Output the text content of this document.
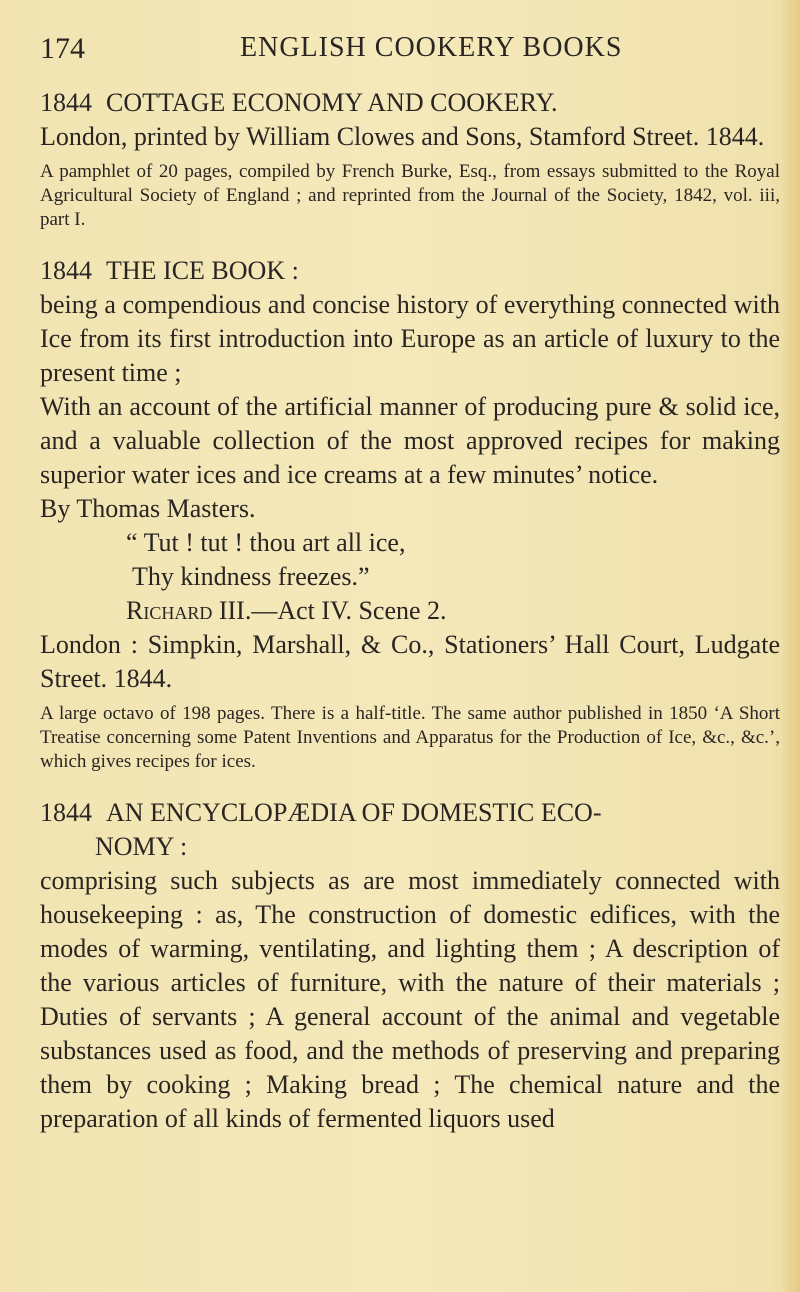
174	ENGLISH COOKERY BOOKS
1844 COTTAGE ECONOMY AND COOKERY.
London, printed by William Clowes and Sons, Stamford Street. 1844.
A pamphlet of 20 pages, compiled by French Burke, Esq., from essays submitted to the Royal Agricultural Society of England ; and reprinted from the Journal of the Society, 1842, vol. iii, part I.
1844 THE ICE BOOK :
being a compendious and concise history of everything connected with Ice from its first introduction into Europe as an article of luxury to the present time ;
With an account of the artificial manner of producing pure & solid ice, and a valuable collection of the most approved recipes for making superior water ices and ice creams at a few minutes’ notice.
By Thomas Masters.
“ Tut ! tut ! thou art all ice,
Thy kindness freezes.”
Richard III.—Act IV. Scene 2.
London : Simpkin, Marshall, & Co., Stationers’ Hall Court, Ludgate Street. 1844.
A large octavo of 198 pages. There is a half-title. The same author published in 1850 ‘A Short Treatise concerning some Patent Inventions and Apparatus for the Production of Ice, &c., &c.’, which gives recipes for ices.
1844 AN ENCYCLOPÆDIA OF DOMESTIC ECO-
NOMY :
comprising such subjects as are most immediately connected with housekeeping : as, The construction of domestic edifices, with the modes of warming, ventilating, and lighting them ; A description of the various articles of furniture, with the nature of their materials ; Duties of servants ; A general account of the animal and vegetable substances used as food, and the methods of preserving and preparing them by cooking ; Making bread ; The chemical nature and the preparation of all kinds of fermented liquors used
